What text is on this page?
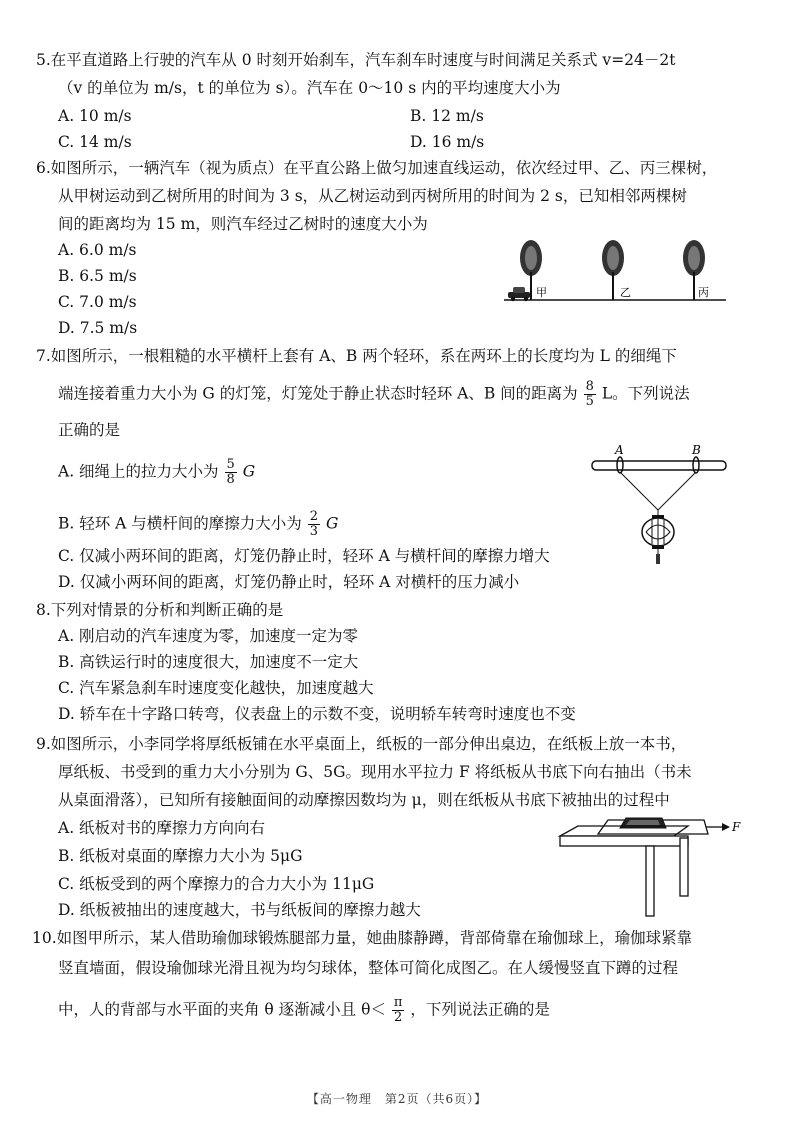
5.在平直道路上行驶的汽车从 0 时刻开始刹车，汽车刹车时速度与时间满足关系式 v=24－2t
（v 的单位为 m/s，t 的单位为 s）。汽车在 0～10 s 内的平均速度大小为
A. 10 m/s	B. 12 m/s
C. 14 m/s	D. 16 m/s
6.如图所示，一辆汽车（视为质点）在平直公路上做匀加速直线运动，依次经过甲、乙、丙三棵树，
从甲树运动到乙树所用的时间为 3 s，从乙树运动到丙树所用的时间为 2 s，已知相邻两棵树
间的距离均为 15 m，则汽车经过乙树时的速度大小为
A. 6.0 m/s
B. 6.5 m/s
C. 7.0 m/s
D. 7.5 m/s
甲	乙	丙
7.如图所示，一根粗糙的水平横杆上套有 A、B 两个轻环，系在两环上的长度均为 L 的细绳下
端连接着重力大小为 G 的灯笼，灯笼处于静止状态时轻环 A、B 间的距离为 $\frac{8}{5}$ L。下列说法
正确的是
A. 细绳上的拉力大小为 $\frac{5}{8}$ G
B. 轻环 A 与横杆间的摩擦力大小为 $\frac{2}{3}$ G
C. 仅减小两环间的距离，灯笼仍静止时，轻环 A 与横杆间的摩擦力增大
D. 仅减小两环间的距离，灯笼仍静止时，轻环 A 对横杆的压力减小
A	B
8.下列对情景的分析和判断正确的是
A. 刚启动的汽车速度为零，加速度一定为零
B. 高铁运行时的速度很大，加速度不一定大
C. 汽车紧急刹车时速度变化越快，加速度越大
D. 轿车在十字路口转弯，仪表盘上的示数不变，说明轿车转弯时速度也不变
9.如图所示，小李同学将厚纸板铺在水平桌面上，纸板的一部分伸出桌边，在纸板上放一本书，
厚纸板、书受到的重力大小分别为 G、5G。现用水平拉力 F 将纸板从书底下向右抽出（书未
从桌面滑落），已知所有接触面间的动摩擦因数均为 μ，则在纸板从书底下被抽出的过程中
A. 纸板对书的摩擦力方向向右
B. 纸板对桌面的摩擦力大小为 5μG
C. 纸板受到的两个摩擦力的合力大小为 11μG
D. 纸板被抽出的速度越大，书与纸板间的摩擦力越大
F
10.如图甲所示，某人借助瑜伽球锻炼腿部力量，她曲膝静蹲，背部倚靠在瑜伽球上，瑜伽球紧靠
竖直墙面，假设瑜伽球光滑且视为均匀球体，整体可简化成图乙。在人缓慢竖直下蹲的过程
中，人的背部与水平面的夹角 θ 逐渐减小且 $\theta< \frac{\pi}{2}$ ，下列说法正确的是
【高一物理　第2页（共6页）】
